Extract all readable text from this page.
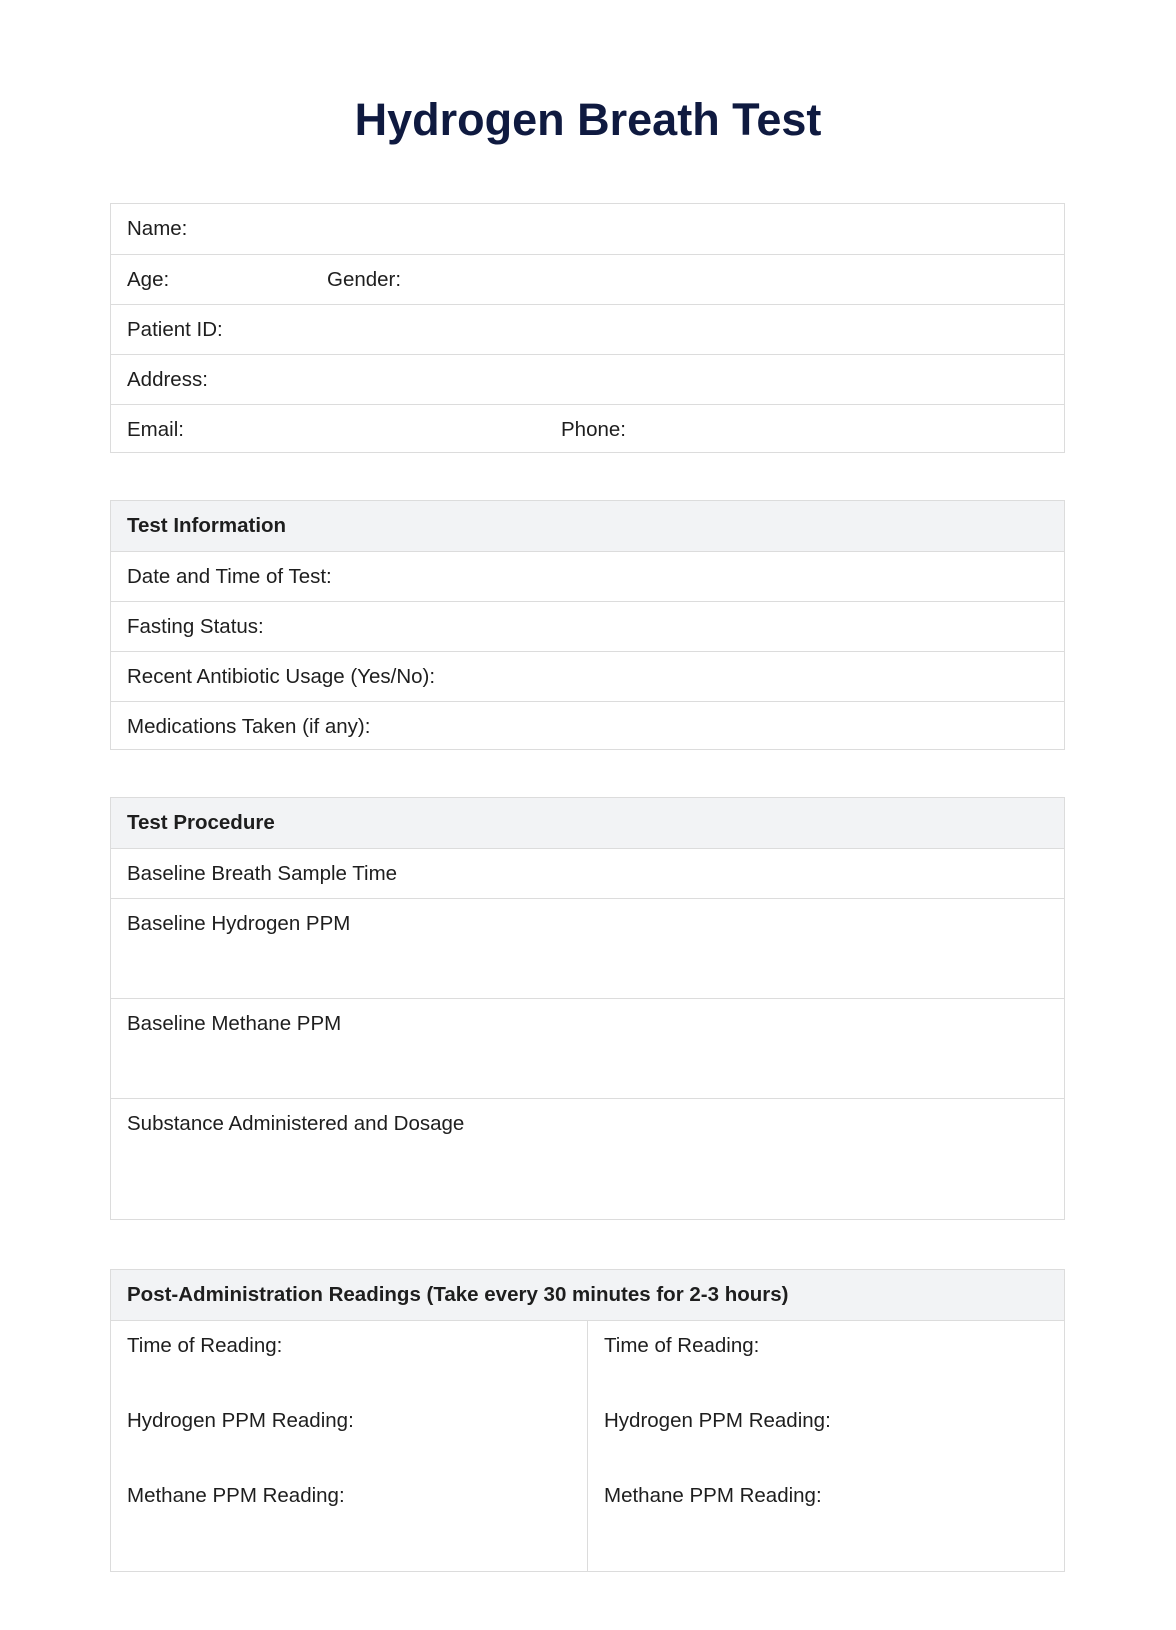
Hydrogen Breath Test
Name:
Age:	Gender:
Patient ID:
Address:
Email:	Phone:
Test Information
Date and Time of Test:
Fasting Status:
Recent Antibiotic Usage (Yes/No):
Medications Taken (if any):
Test Procedure
Baseline Breath Sample Time
Baseline Hydrogen PPM
Baseline Methane PPM
Substance Administered and Dosage
Post-Administration Readings (Take every 30 minutes for 2-3 hours)
Time of Reading:
Hydrogen PPM Reading:
Methane PPM Reading:
Time of Reading:
Hydrogen PPM Reading:
Methane PPM Reading:
